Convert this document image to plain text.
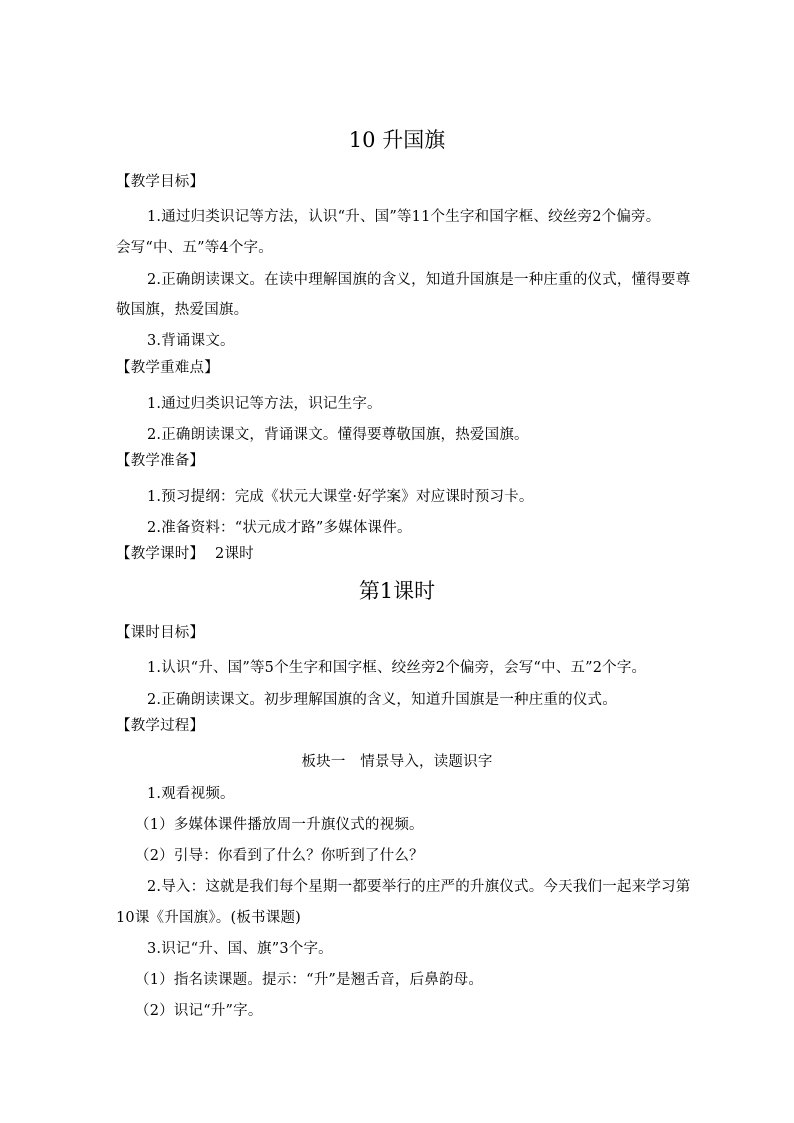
10 升国旗
【教学目标】
1.通过归类识记等方法，认识“升、国”等11个生字和国字框、绞丝旁2个偏旁。
会写“中、五”等4个字。
2.正确朗读课文。在读中理解国旗的含义，知道升国旗是一种庄重的仪式，懂得要尊
敬国旗，热爱国旗。
3.背诵课文。
【教学重难点】
1.通过归类识记等方法，识记生字。
2.正确朗读课文，背诵课文。懂得要尊敬国旗，热爱国旗。
【教学准备】
1.预习提纲：完成《状元大课堂·好学案》对应课时预习卡。
2.准备资料：“状元成才路”多媒体课件。
【教学课时】 2课时
第1课时
【课时目标】
1.认识“升、国”等5个生字和国字框、绞丝旁2个偏旁，会写“中、五”2个字。
2.正确朗读课文。初步理解国旗的含义，知道升国旗是一种庄重的仪式。
【教学过程】
板块一　情景导入，读题识字
1.观看视频。
（1）多媒体课件播放周一升旗仪式的视频。
（2）引导：你看到了什么？你听到了什么？
2.导入：这就是我们每个星期一都要举行的庄严的升旗仪式。今天我们一起来学习第
10课《升国旗》。(板书课题)
3.识记“升、国、旗”3个字。
（1）指名读课题。提示：“升”是翘舌音，后鼻韵母。
（2）识记“升”字。
